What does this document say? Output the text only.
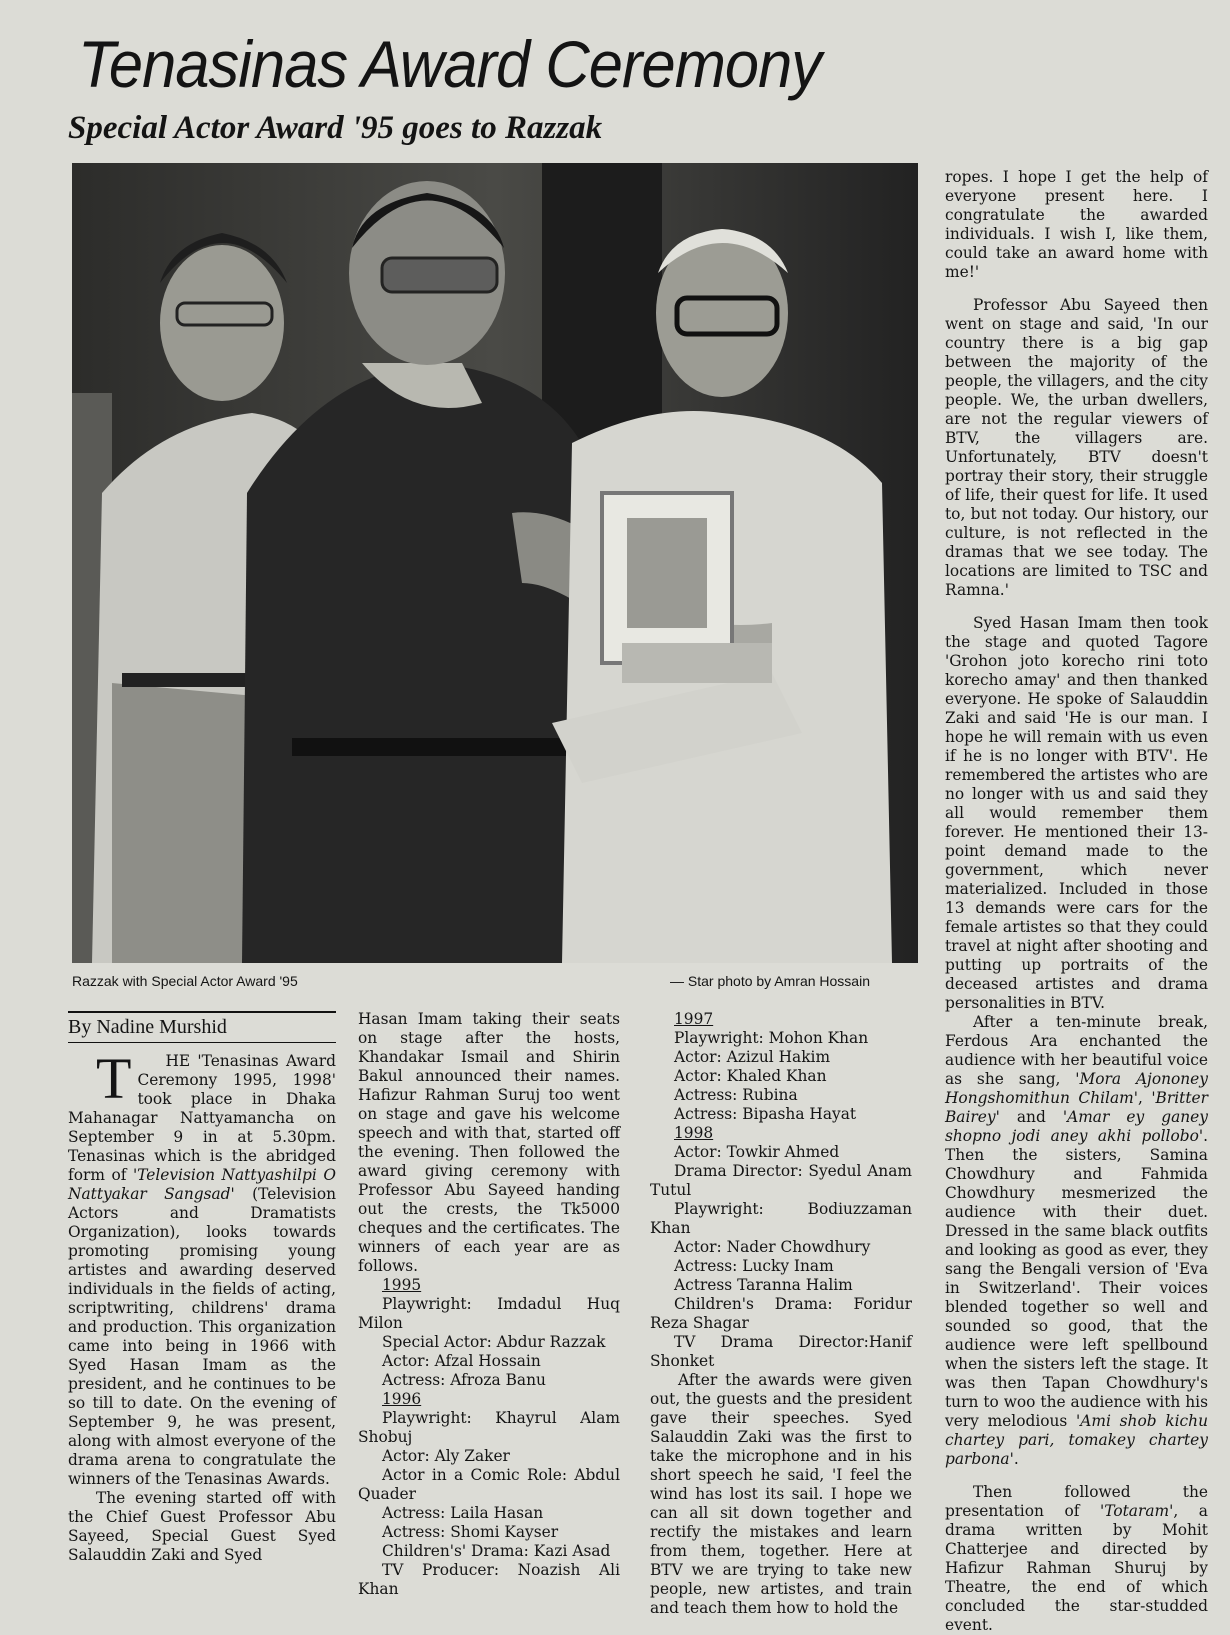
Tenasinas Award Ceremony
Special Actor Award '95 goes to Razzak
Razzak with Special Actor Award '95	— Star photo by Amran Hossain
By Nadine Murshid

T HE 'Tenasinas Award Ceremony 1995, 1998' took place in Dhaka Mahanagar Nattyamancha on September 9 in at 5.30pm. Tenasinas which is the abridged form of 'Television Nattyashilpi O Nattyakar Sangsad' (Television Actors and Dramatists Organization), looks towards promoting promising young artistes and awarding deserved individuals in the fields of acting, scriptwriting, childrens' drama and production. This organization came into being in 1966 with Syed Hasan Imam as the president, and he continues to be so till to date. On the evening of September 9, he was present, along with almost everyone of the drama arena to congratulate the winners of the Tenasinas Awards.

The evening started off with the Chief Guest Professor Abu Sayeed, Special Guest Syed Salauddin Zaki and Syed

Hasan Imam taking their seats on stage after the hosts, Khandakar Ismail and Shirin Bakul announced their names. Hafizur Rahman Suruj too went on stage and gave his welcome speech and with that, started off the evening. Then followed the award giving ceremony with Professor Abu Sayeed handing out the crests, the Tk5000 cheques and the certificates. The winners of each year are as follows.

1995

Playwright: Imdadul Huq Milon

Special Actor: Abdur Razzak

Actor: Afzal Hossain

Actress: Afroza Banu

1996

Playwright: Khayrul Alam Shobuj

Actor: Aly Zaker

Actor in a Comic Role: Abdul Quader

Actress: Laila Hasan

Actress: Shomi Kayser

Children's' Drama: Kazi Asad

TV Producer: Noazish Ali Khan

1997

Playwright: Mohon Khan

Actor: Azizul Hakim

Actor: Khaled Khan

Actress: Rubina

Actress: Bipasha Hayat

1998

Actor: Towkir Ahmed

Drama Director: Syedul Anam Tutul

Playwright: Bodiuzzaman Khan

Actor: Nader Chowdhury

Actress: Lucky Inam

Actress Taranna Halim

Children's Drama: Foridur Reza Shagar

TV Drama Director:Hanif Shonket

After the awards were given out, the guests and the president gave their speeches. Syed Salauddin Zaki was the first to take the microphone and in his short speech he said, 'I feel the wind has lost its sail. I hope we can all sit down together and rectify the mistakes and learn from them, together. Here at BTV we are trying to take new people, new artistes, and train and teach them how to hold the

ropes. I hope I get the help of everyone present here. I congratulate the awarded individuals. I wish I, like them, could take an award home with me!'

Professor Abu Sayeed then went on stage and said, 'In our country there is a big gap between the majority of the people, the villagers, and the city people. We, the urban dwellers, are not the regular viewers of BTV, the villagers are. Unfortunately, BTV doesn't portray their story, their struggle of life, their quest for life. It used to, but not today. Our history, our culture, is not reflected in the dramas that we see today. The locations are limited to TSC and Ramna.'

Syed Hasan Imam then took the stage and quoted Tagore 'Grohon joto korecho rini toto korecho amay' and then thanked everyone. He spoke of Salauddin Zaki and said 'He is our man. I hope he will remain with us even if he is no longer with BTV'. He remembered the artistes who are no longer with us and said they all would remember them forever. He mentioned their 13-point demand made to the government, which never materialized. Included in those 13 demands were cars for the female artistes so that they could travel at night after shooting and putting up portraits of the deceased artistes and drama personalities in BTV.

After a ten-minute break, Ferdous Ara enchanted the audience with her beautiful voice as she sang, 'Mora Ajononey Hongshomithun Chilam', 'Britter Bairey' and 'Amar ey ganey shopno jodi aney akhi pollobo'. Then the sisters, Samina Chowdhury and Fahmida Chowdhury mesmerized the audience with their duet. Dressed in the same black outfits and looking as good as ever, they sang the Bengali version of 'Eva in Switzerland'. Their voices blended together so well and sounded so good, that the audience were left spellbound when the sisters left the stage. It was then Tapan Chowdhury's turn to woo the audience with his very melodious 'Ami shob kichu chartey pari, tomakey chartey parbona'.

Then followed the presentation of 'Totaram', a drama written by Mohit Chatterjee and directed by Hafizur Rahman Shuruj by Theatre, the end of which concluded the star-studded event.
